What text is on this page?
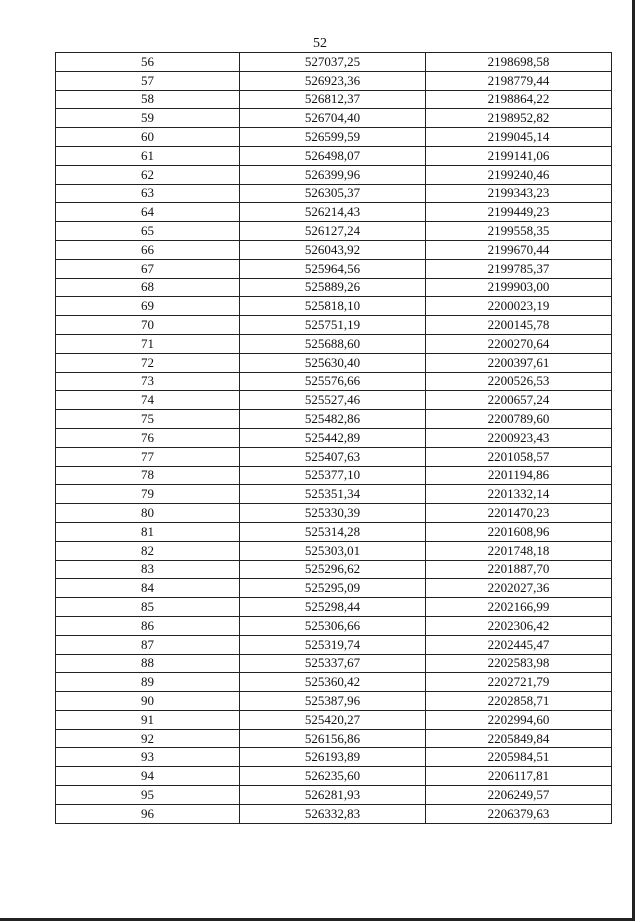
52
56	527037,25	2198698,58
57	526923,36	2198779,44
58	526812,37	2198864,22
59	526704,40	2198952,82
60	526599,59	2199045,14
61	526498,07	2199141,06
62	526399,96	2199240,46
63	526305,37	2199343,23
64	526214,43	2199449,23
65	526127,24	2199558,35
66	526043,92	2199670,44
67	525964,56	2199785,37
68	525889,26	2199903,00
69	525818,10	2200023,19
70	525751,19	2200145,78
71	525688,60	2200270,64
72	525630,40	2200397,61
73	525576,66	2200526,53
74	525527,46	2200657,24
75	525482,86	2200789,60
76	525442,89	2200923,43
77	525407,63	2201058,57
78	525377,10	2201194,86
79	525351,34	2201332,14
80	525330,39	2201470,23
81	525314,28	2201608,96
82	525303,01	2201748,18
83	525296,62	2201887,70
84	525295,09	2202027,36
85	525298,44	2202166,99
86	525306,66	2202306,42
87	525319,74	2202445,47
88	525337,67	2202583,98
89	525360,42	2202721,79
90	525387,96	2202858,71
91	525420,27	2202994,60
92	526156,86	2205849,84
93	526193,89	2205984,51
94	526235,60	2206117,81
95	526281,93	2206249,57
96	526332,83	2206379,63
